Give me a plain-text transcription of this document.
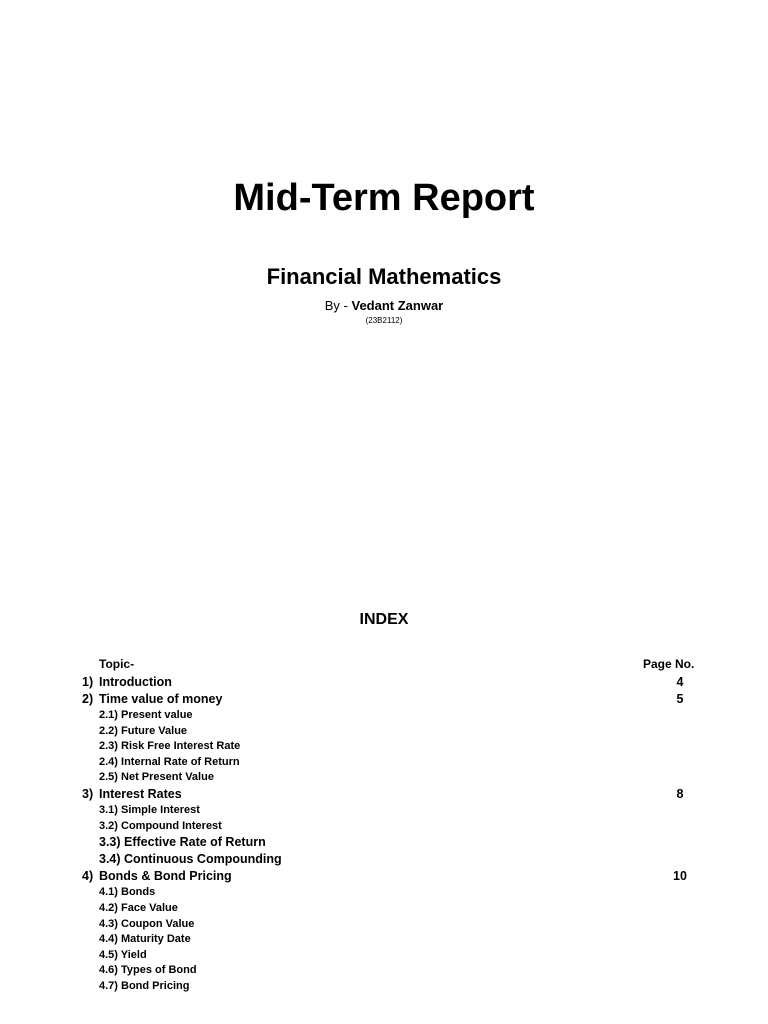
Mid-Term Report
Financial Mathematics
By - Vedant Zanwar
(23B2112)
INDEX
Topic-	Page No.
1) Introduction	4
2) Time value of money	5
2.1) Present value
2.2) Future Value
2.3) Risk Free Interest Rate
2.4) Internal Rate of Return
2.5) Net Present Value
3) Interest Rates	8
3.1) Simple Interest
3.2) Compound Interest
3.3) Effective Rate of Return
3.4) Continuous Compounding
4) Bonds & Bond Pricing	10
4.1) Bonds
4.2) Face Value
4.3) Coupon Value
4.4) Maturity Date
4.5) Yield
4.6) Types of Bond
4.7) Bond Pricing
